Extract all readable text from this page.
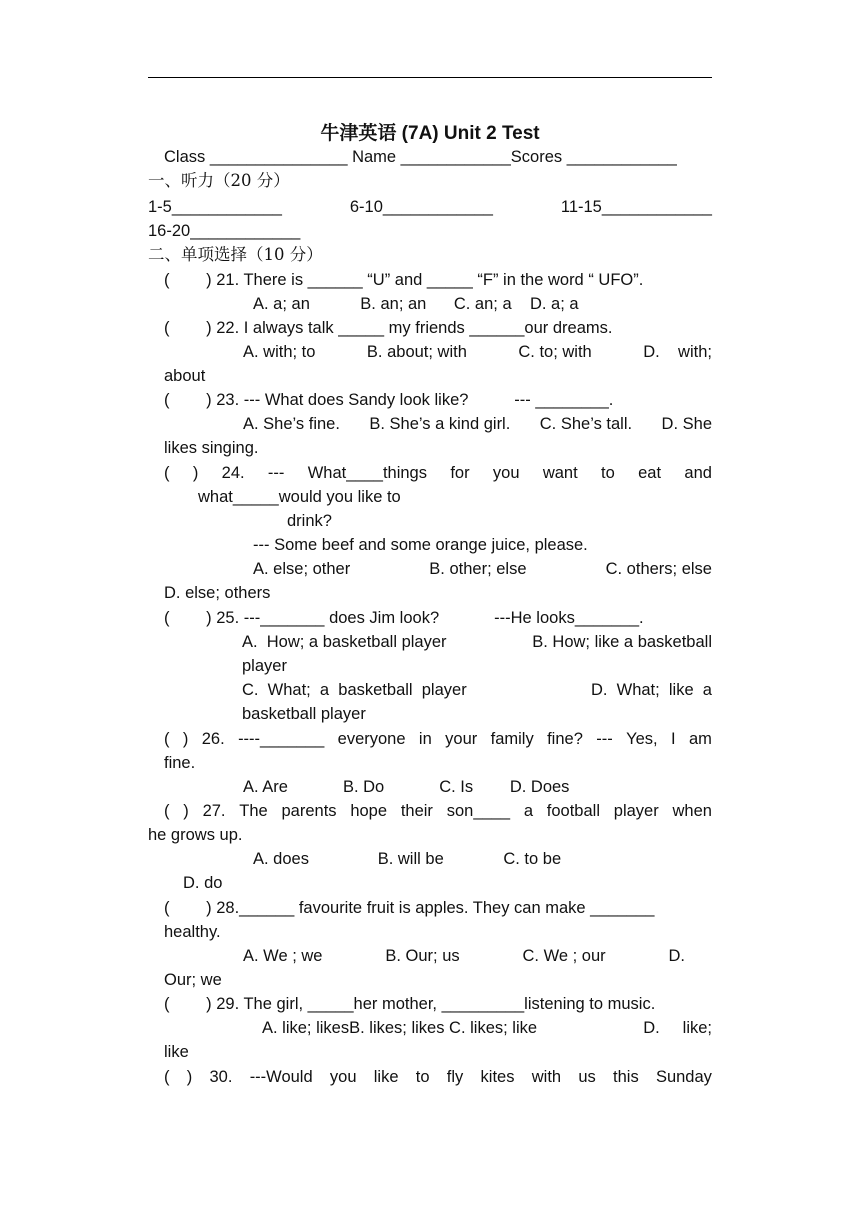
牛津英语 (7A) Unit 2 Test
Class _______________ Name ____________Scores ____________
一、听力（20 分）
1-5____________	6-10____________	11-15____________
16-20____________
二、单项选择（10 分）
(        ) 21. There is ______ “U” and _____ “F” in the word “ UFO”.
A. a; an           B. an; an      C. an; a    D. a; a
(        ) 22. I always talk _____ my friends ______our dreams.
A. with; to	B. about; with	C. to; with	D.    with;
about
(        ) 23. --- What does Sandy look like?          --- ________.
A. She’s fine. B. She’s a kind girl. C. She’s tall. D. She
likes singing.
( ) 24. --- What____things for you want to eat and
what_____would you like to
drink?
--- Some beef and some orange juice, please.
A. else; other	B. other; else	C. others; else
D. else; others
(        ) 25. ---_______ does Jim look?            ---He looks_______.
A.  How; a basketball player	B. How; like a basketball
player
C.  What;  a  basketball  player	D.  What;  like  a
basketball player
( ) 26. ----_______ everyone in your family fine? --- Yes, I am
fine.
A. Are            B. Do            C. Is        D. Does
( ) 27. The parents hope their son____ a football player when
he grows up.
A. does               B. will be             C. to be
D. do
(        ) 28.______ favourite fruit is apples. They can make _______
healthy.
A. We ; we	B. Our; us	C. We ; our	D.
Our; we
(        ) 29. The girl, _____her mother, _________listening to music.
A. like; likesB. likes; likes C. likes; like	D.     like;
like
( ) 30. ---Would you like to fly kites with us this Sunday
